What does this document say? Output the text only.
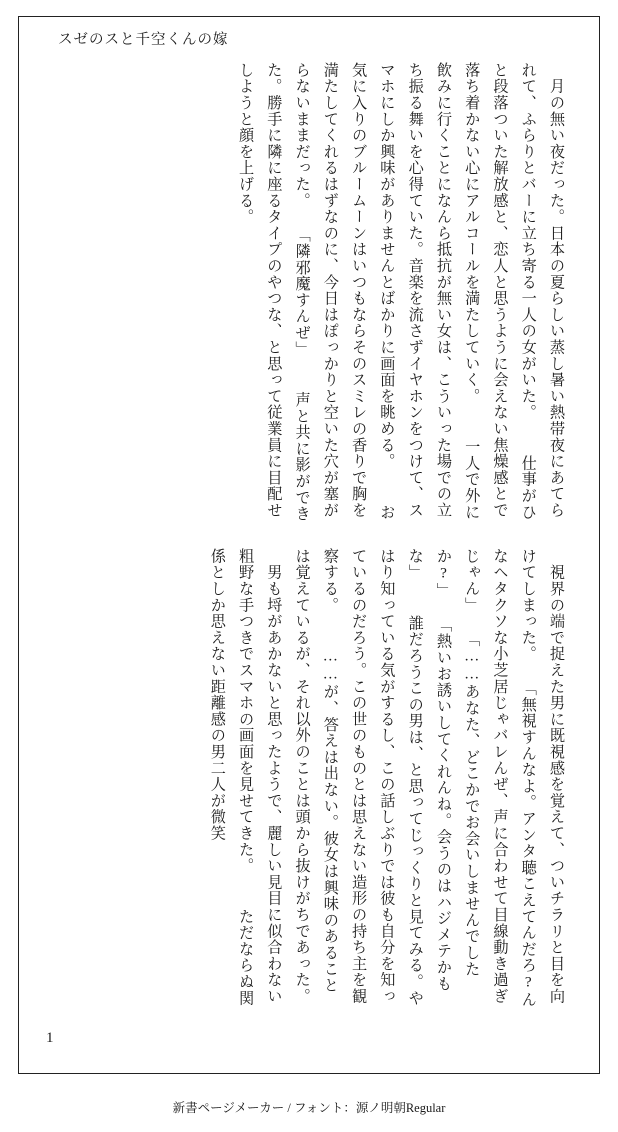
スゼのスと千空くんの嫁
　月の無い夜だった。日本の夏らしい蒸し暑い熱帯夜にあてられて、ふらりとバーに立ち寄る一人の女がいた。 　仕事がひと段落ついた解放感と、恋人と思うように会えない焦燥感とで落ち着かない心にアルコールを満たしていく。 　一人で外に飲みに行くことになんら抵抗が無い女は、こういった場での立ち振る舞いを心得ていた。音楽を流さずイヤホンをつけて、スマホにしか興味がありませんとばかりに画面を眺める。 　お気に入りのブルームーンはいつもならそのスミレの香りで胸を満たしてくれるはずなのに、今日はぽっかりと空いた穴が塞がらないままだった。 「隣邪魔すんぜ」 　声と共に影ができた。勝手に隣に座るタイプのやつな、と思って従業員に目配せしようと顔を上げる。
　視界の端で捉えた男に既視感を覚えて、ついチラリと目を向けてしまった。 「無視すんなよ。アンタ聴こえてんだろ?んなヘタクソな小芝居じゃバレんぜ、声に合わせて目線動き過ぎじゃん」 「……あなた、どこかでお会いしませんでしたか?」 「熱いお誘いしてくれんね。会うのはハジメテかもな」 　誰だろうこの男は、と思ってじっくりと見てみる。やはり知っている気がするし、この話しぶりでは彼も自分を知っているのだろう。この世のものとは思えない造形の持ち主を観察する。 　……が、答えは出ない。彼女は興味のあることは覚えているが、それ以外のことは頭から抜けがちであった。 　男も埒があかないと思ったようで、麗しい見目に似合わない粗野な手つきでスマホの画面を見せてきた。 　ただならぬ関係としか思えない距離感の男二人が微笑
1
新書ページメーカー / フォント：源ノ明朝Regular
